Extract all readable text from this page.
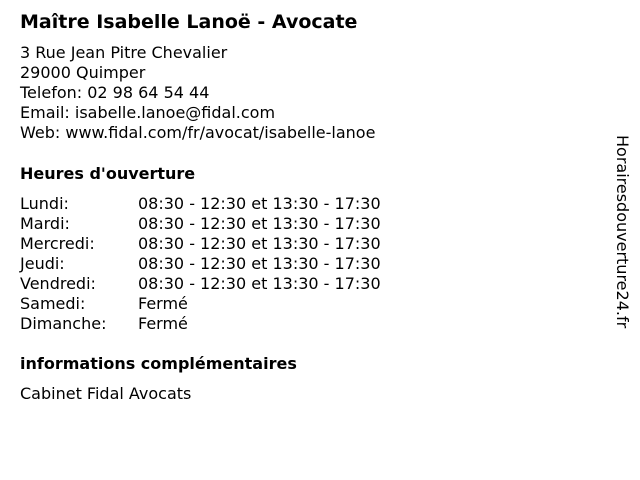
Maître Isabelle Lanoë - Avocate
3 Rue Jean Pitre Chevalier
29000 Quimper
Telefon: 02 98 64 54 44
Email: isabelle.lanoe@fidal.com
Web: www.fidal.com/fr/avocat/isabelle-lanoe
Heures d'ouverture
Lundi:	08:30 - 12:30 et 13:30 - 17:30
Mardi:	08:30 - 12:30 et 13:30 - 17:30
Mercredi:	08:30 - 12:30 et 13:30 - 17:30
Jeudi:	08:30 - 12:30 et 13:30 - 17:30
Vendredi:	08:30 - 12:30 et 13:30 - 17:30
Samedi:	Fermé
Dimanche: Fermé
informations complémentaires
Cabinet Fidal Avocats
Horairesdouverture24.fr
